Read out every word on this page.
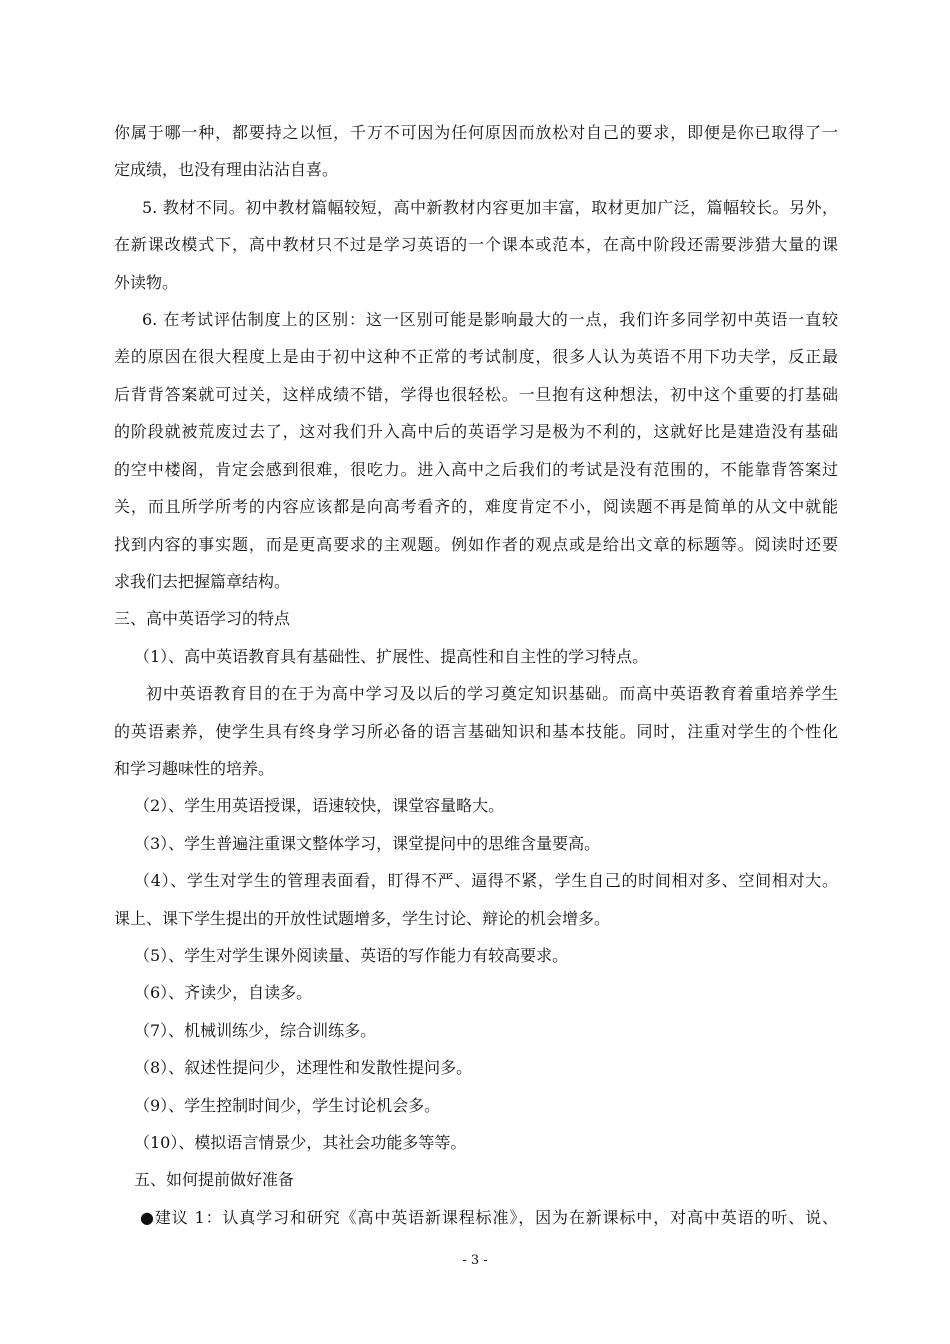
你属于哪一种，都要持之以恒，千万不可因为任何原因而放松对自己的要求，即便是你已取得了一
定成绩，也没有理由沾沾自喜。
5. 教材不同。初中教材篇幅较短，高中新教材内容更加丰富，取材更加广泛，篇幅较长。另外，
在新课改模式下，高中教材只不过是学习英语的一个课本或范本，在高中阶段还需要涉猎大量的课
外读物。
6. 在考试评估制度上的区别：这一区别可能是影响最大的一点，我们许多同学初中英语一直较
差的原因在很大程度上是由于初中这种不正常的考试制度，很多人认为英语不用下功夫学，反正最
后背背答案就可过关，这样成绩不错，学得也很轻松。一旦抱有这种想法，初中这个重要的打基础
的阶段就被荒废过去了，这对我们升入高中后的英语学习是极为不利的，这就好比是建造没有基础
的空中楼阁，肯定会感到很难，很吃力。进入高中之后我们的考试是没有范围的，不能靠背答案过
关，而且所学所考的内容应该都是向高考看齐的，难度肯定不小，阅读题不再是简单的从文中就能
找到内容的事实题，而是更高要求的主观题。例如作者的观点或是给出文章的标题等。阅读时还要
求我们去把握篇章结构。
三、高中英语学习的特点
（1）、高中英语教育具有基础性、扩展性、提高性和自主性的学习特点。
初中英语教育目的在于为高中学习及以后的学习奠定知识基础。而高中英语教育着重培养学生
的英语素养，使学生具有终身学习所必备的语言基础知识和基本技能。同时，注重对学生的个性化
和学习趣味性的培养。
（2）、学生用英语授课，语速较快，课堂容量略大。
（3）、学生普遍注重课文整体学习，课堂提问中的思维含量要高。
（4）、学生对学生的管理表面看，盯得不严、逼得不紧，学生自己的时间相对多、空间相对大。
课上、课下学生提出的开放性试题增多，学生讨论、辩论的机会增多。
（5）、学生对学生课外阅读量、英语的写作能力有较高要求。
（6）、齐读少，自读多。
（7）、机械训练少，综合训练多。
（8）、叙述性提问少，述理性和发散性提问多。
（9）、学生控制时间少，学生讨论机会多。
（10）、模拟语言情景少，其社会功能多等等。
五、如何提前做好准备
●建议 1：认真学习和研究《高中英语新课程标准》，因为在新课标中，对高中英语的听、说、
- 3 -
